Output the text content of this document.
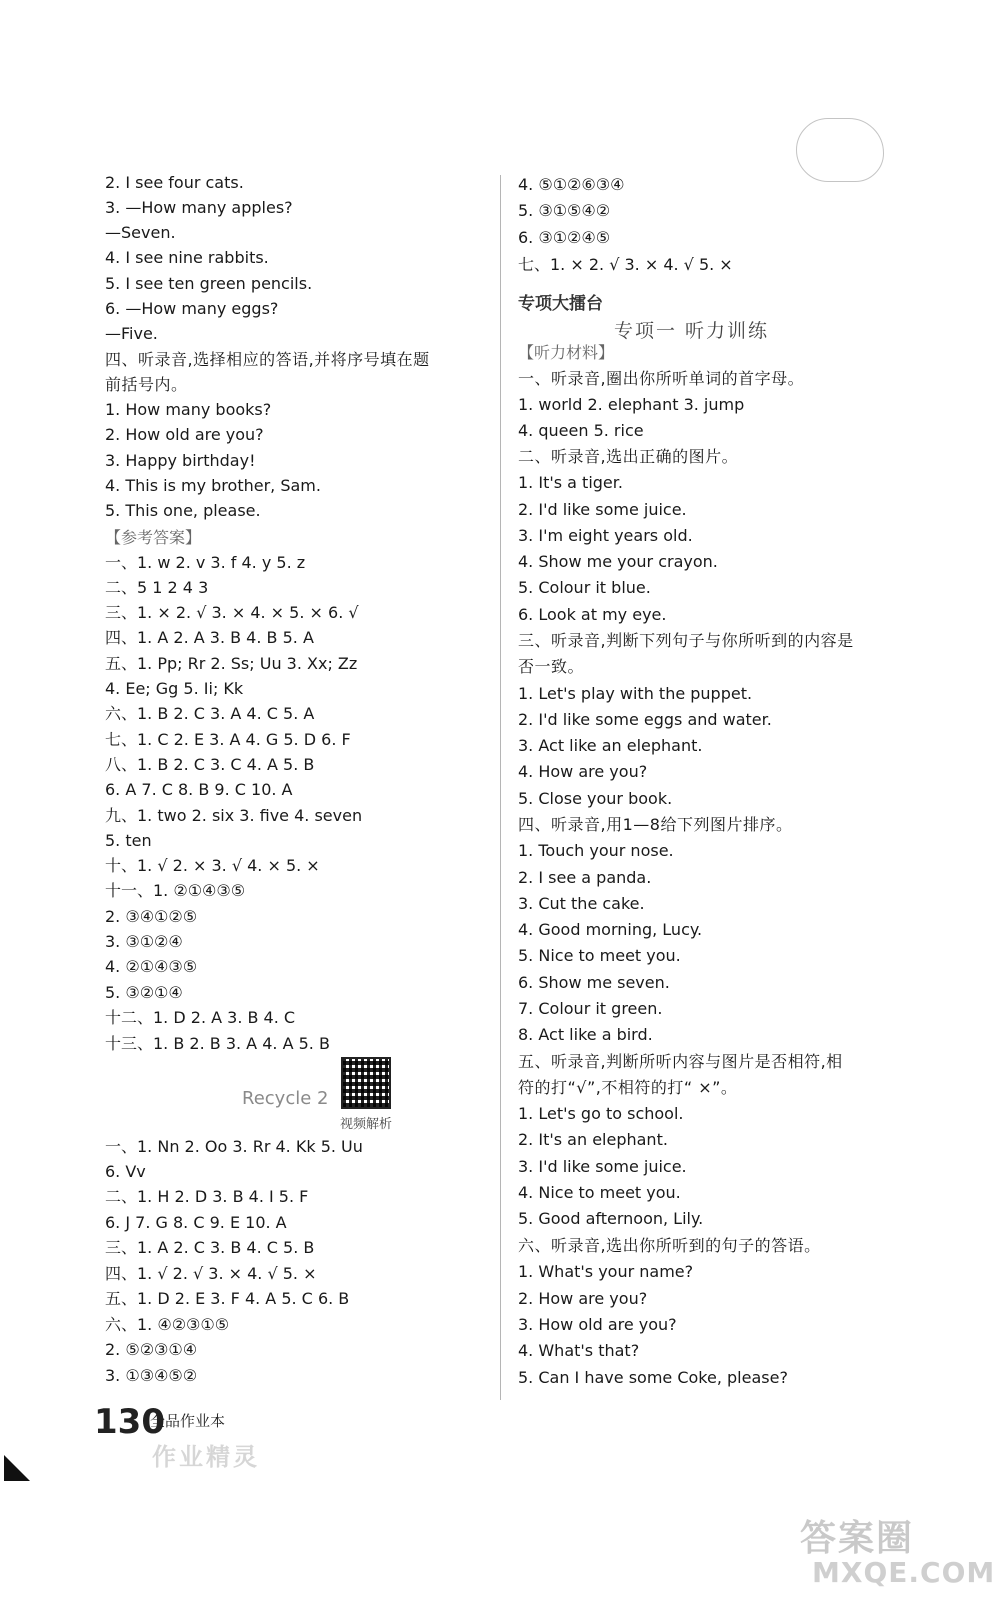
2. I see four cats.
3. —How many apples?
—Seven.
4. I see nine rabbits.
5. I see ten green pencils.
6. —How many eggs?
—Five.
四、听录音,选择相应的答语,并将序号填在题
前括号内。
1. How many books?
2. How old are you?
3. Happy birthday!
4. This is my brother, Sam.
5. This one, please.
【参考答案】
一、1. w 2. v 3. f 4. y 5. z
二、5 1 2 4 3
三、1. × 2. √ 3. × 4. × 5. × 6. √
四、1. A 2. A 3. B 4. B 5. A
五、1. Pp; Rr 2. Ss; Uu 3. Xx; Zz
4. Ee; Gg 5. Ii; Kk
六、1. B 2. C 3. A 4. C 5. A
七、1. C 2. E 3. A 4. G 5. D 6. F
八、1. B 2. C 3. C 4. A 5. B
6. A 7. C 8. B 9. C 10. A
九、1. two 2. six 3. five 4. seven
5. ten
十、1. √ 2. × 3. √ 4. × 5. ×
十一、1. ②①④③⑤
2. ③④①②⑤
3. ③①②④
4. ②①④③⑤
5. ③②①④
十二、1. D 2. A 3. B 4. C
十三、1. B 2. B 3. A 4. A 5. B
一、1. Nn 2. Oo 3. Rr 4. Kk 5. Uu
6. Vv
二、1. H 2. D 3. B 4. I 5. F
6. J 7. G 8. C 9. E 10. A
三、1. A 2. C 3. B 4. C 5. B
四、1. √ 2. √ 3. × 4. √ 5. ×
五、1. D 2. E 3. F 4. A 5. C 6. B
六、1. ④②③①⑤
2. ⑤②③①④
3. ①③④⑤②
Recycle 2
视频解析
4. ⑤①②⑥③④
5. ③①⑤④②
6. ③①②④⑤
七、1. × 2. √ 3. × 4. √ 5. ×
【听力材料】
一、听录音,圈出你所听单词的首字母。
1. world 2. elephant 3. jump
4. queen 5. rice
二、听录音,选出正确的图片。
1. It's a tiger.
2. I'd like some juice.
3. I'm eight years old.
4. Show me your crayon.
5. Colour it blue.
6. Look at my eye.
三、听录音,判断下列句子与你所听到的内容是
否一致。
1. Let's play with the puppet.
2. I'd like some eggs and water.
3. Act like an elephant.
4. How are you?
5. Close your book.
四、听录音,用1—8给下列图片排序。
1. Touch your nose.
2. I see a panda.
3. Cut the cake.
4. Good morning, Lucy.
5. Nice to meet you.
6. Show me seven.
7. Colour it green.
8. Act like a bird.
五、听录音,判断所听内容与图片是否相符,相
符的打“√”,不相符的打“ ×”。
1. Let's go to school.
2. It's an elephant.
3. I'd like some juice.
4. Nice to meet you.
5. Good afternoon, Lily.
六、听录音,选出你所听到的句子的答语。
1. What's your name?
2. How are you?
3. How old are you?
4. What's that?
5. Can I have some Coke, please?
专项大擂台
专项一 听力训练
130
全品作业本
作业精灵
答案圈
MXQE.COM
